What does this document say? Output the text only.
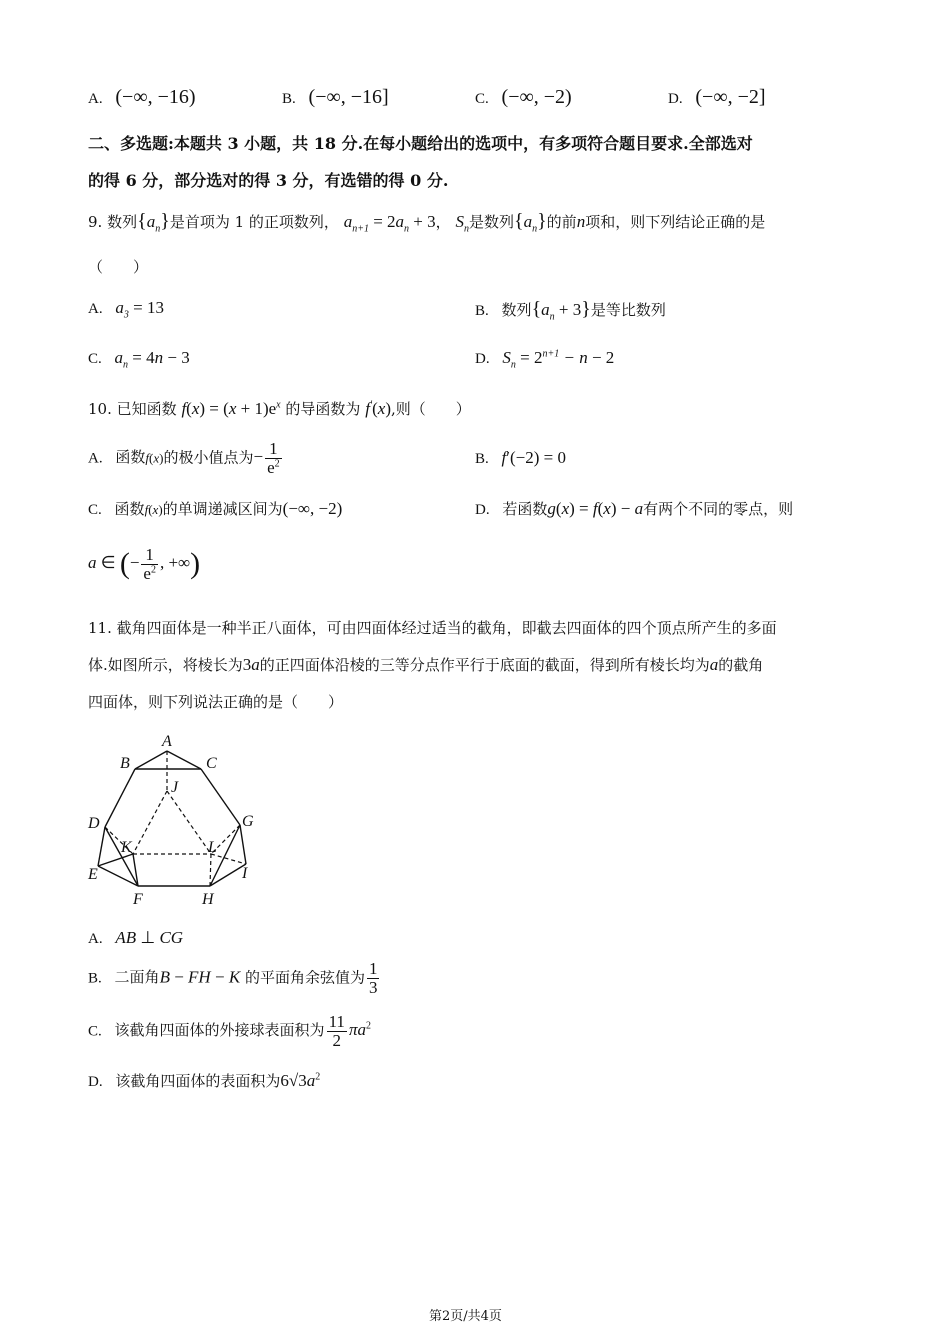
A. (−∞, −16)	B. (−∞, −16]	C. (−∞, −2)	D. (−∞, −2]
二、多选题:本题共 3 小题，共 18 分.在每小题给出的选项中，有多项符合题目要求.全部选对
的得 6 分，部分选对的得 3 分，有选错的得 0 分.
9. 数列$\{a_n\}$是首项为 1 的正项数列， $a_{n+1} = 2a_n + 3$， $S_n$是数列$\{a_n\}$的前n项和，则下列结论正确的是
（　　）
A. $a_3 = 13$	B. 数列$\{a_n + 3\}$是等比数列
C. $a_n = 4n - 3$	D. $S_n = 2^{n+1} - n - 2$
10. 已知函数 $f(x) = (x + 1)e^x$ 的导函数为 f′(x),则（　　）
A. 函数f(x)的极小值点为− $\frac{1}{e^2}$	B. f′(−2) = 0
C. 函数f(x)的单调递减区间为(−∞, −2)	D. 若函数g(x) = f(x) − a有两个不同的零点，则
a ∈ (− $\frac{1}{e^2}$ , +∞)
11. 截角四面体是一种半正八面体，可由四面体经过适当的截角，即截去四面体的四个顶点所产生的多面
体.如图所示，将棱长为3a的正四面体沿棱的三等分点作平行于底面的截面，得到所有棱长均为a的截角
四面体，则下列说法正确的是（　　）
A
B	C
D
E
F
G
H
I
J
K	L
A. AB ⊥ CG
B. 二面角B − FH − K 的平面角余弦值为 $\frac{1}{3}$
C. 该截角四面体的外接球表面积为 $\frac{11}{2} \pi a^2$
D. 该截角四面体的表面积为$6√3a^2$
第2页/共4页
